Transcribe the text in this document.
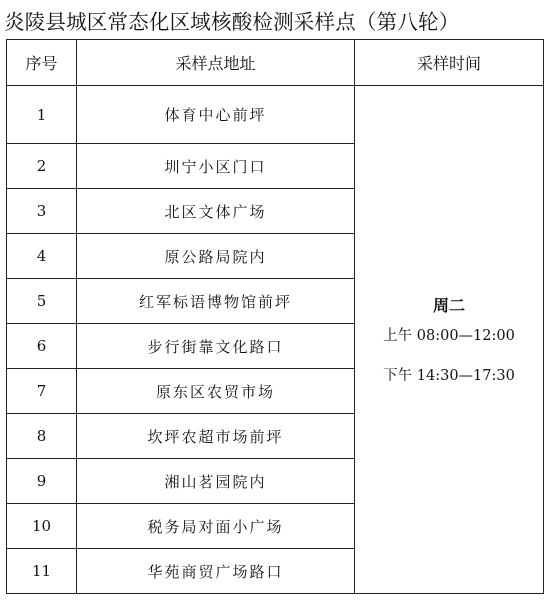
炎陵县城区常态化区域核酸检测采样点（第八轮）
序号	采样点地址	采样时间
1	体育中心前坪	周二
上午 08:00—12:00
下午 14:30—17:30

2	圳宁小区门口	
3	北区文体广场	
4	原公路局院内	
5	红军标语博物馆前坪	
6	步行街靠文化路口	
7	原东区农贸市场	
8	坎坪农超市场前坪	
9	湘山茗园院内	
10	税务局对面小广场	
11	华苑商贸广场路口	
